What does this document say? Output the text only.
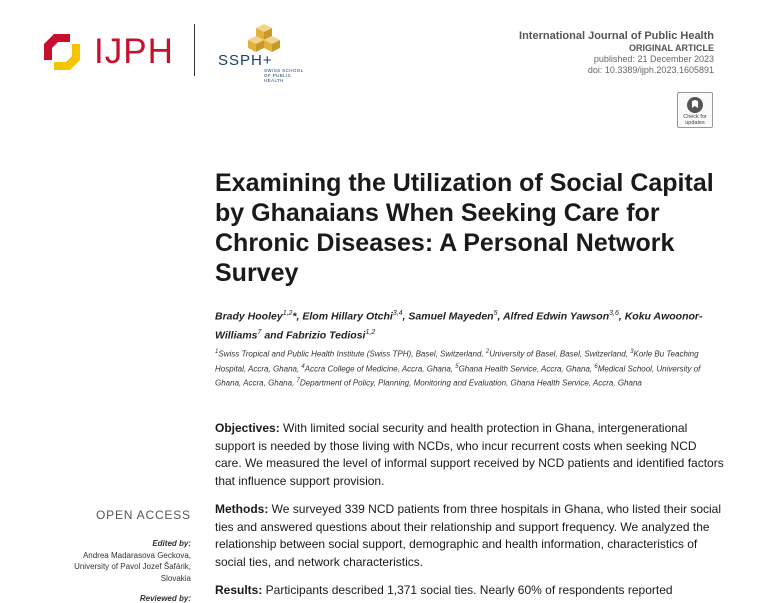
IJPH	SSPH+
SWISS SCHOOL OF PUBLIC HEALTH
International Journal of Public Health
ORIGINAL ARTICLE
published: 21 December 2023
doi: 10.3389/ijph.2023.1605891
Check for updates
Examining the Utilization of Social Capital by Ghanaians When Seeking Care for Chronic Diseases: A Personal Network Survey
Brady Hooley$^{1,2}$*, Elom Hillary Otchi$^{3,4}$, Samuel Mayeden$^5$, Alfred Edwin Yawson$^{3,6}$, Koku Awoonor-Williams$^7$ and Fabrizio Tediosi$^{1,2}$
$^1$Swiss Tropical and Public Health Institute (Swiss TPH), Basel, Switzerland, $^2$University of Basel, Basel, Switzerland, $^3$Korle Bu Teaching Hospital, Accra, Ghana, $^4$Accra College of Medicine, Accra, Ghana, $^5$Ghana Health Service, Accra, Ghana, $^6$Medical School, University of Ghana, Accra, Ghana, $^7$Department of Policy, Planning, Monitoring and Evaluation, Ghana Health Service, Accra, Ghana

Objectives: With limited social security and health protection in Ghana, intergenerational support is needed by those living with NCDs, who incur recurrent costs when seeking NCD care. We measured the level of informal support received by NCD patients and identified factors that influence support provision.

Methods: We surveyed 339 NCD patients from three hospitals in Ghana, who listed their social ties and answered questions about their relationship and support frequency. We analyzed the relationship between social support, demographic and health information, characteristics of social ties, and network characteristics.

Results: Participants described 1,371 social ties. Nearly 60% of respondents reported

OPEN ACCESS
Edited by:
Andrea Madarasova Geckova,
University of Pavol Jozef Šafárik,
Slovakia
Reviewed by:
